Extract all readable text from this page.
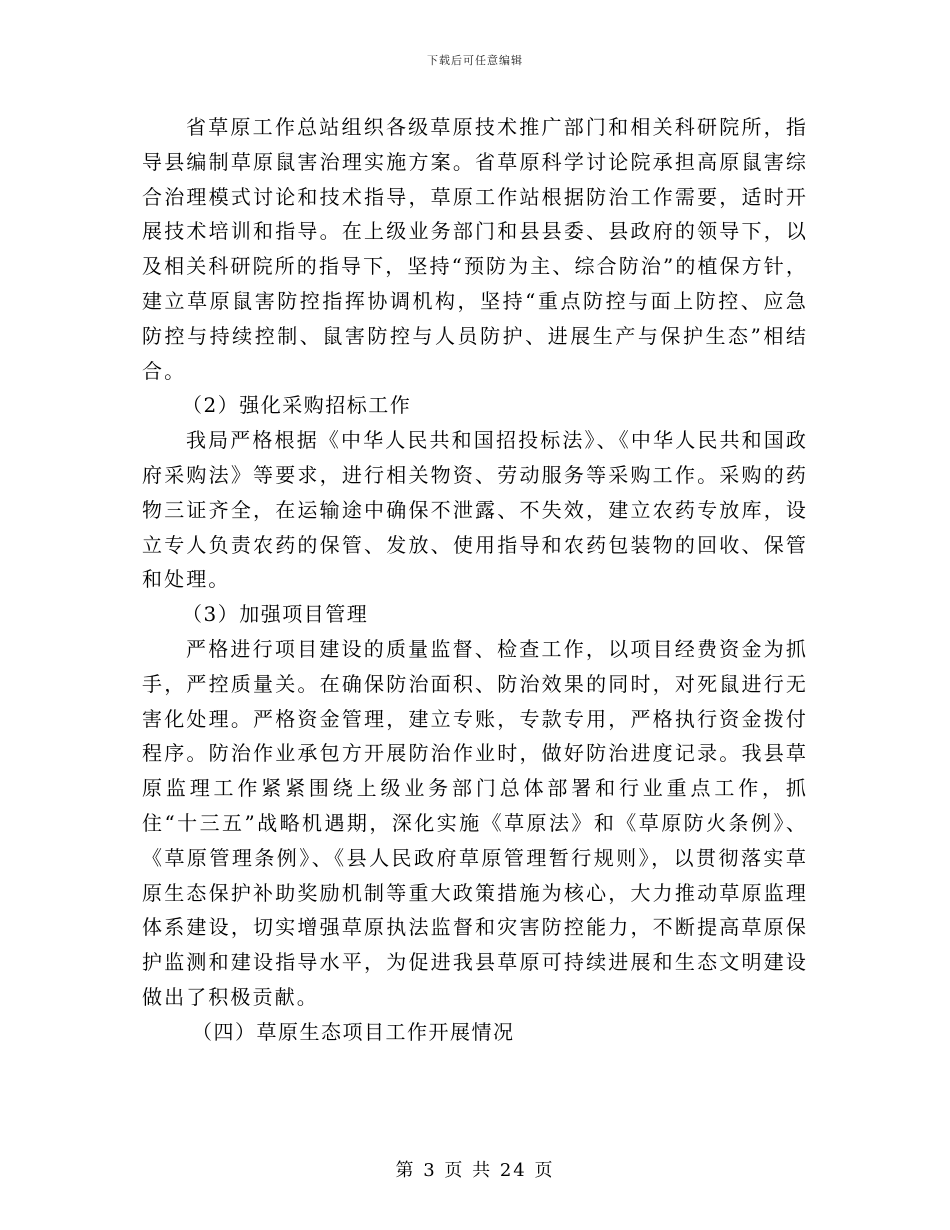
下载后可任意编辑

省草原工作总站组织各级草原技术推广部门和相关科研院所，指导县编制草原鼠害治理实施方案。省草原科学讨论院承担高原鼠害综合治理模式讨论和技术指导，草原工作站根据防治工作需要，适时开展技术培训和指导。在上级业务部门和县县委、县政府的领导下，以及相关科研院所的指导下，坚持“预防为主、综合防治”的植保方针，建立草原鼠害防控指挥协调机构，坚持“重点防控与面上防控、应急防控与持续控制、鼠害防控与人员防护、进展生产与保护生态”相结合。

（2）强化采购招标工作

我局严格根据《中华人民共和国招投标法》、《中华人民共和国政府采购法》等要求，进行相关物资、劳动服务等采购工作。采购的药物三证齐全，在运输途中确保不泄露、不失效，建立农药专放库，设立专人负责农药的保管、发放、使用指导和农药包装物的回收、保管和处理。

（3）加强项目管理

严格进行项目建设的质量监督、检查工作，以项目经费资金为抓手，严控质量关。在确保防治面积、防治效果的同时，对死鼠进行无害化处理。严格资金管理，建立专账，专款专用，严格执行资金拨付程序。防治作业承包方开展防治作业时，做好防治进度记录。我县草原监理工作紧紧围绕上级业务部门总体部署和行业重点工作，抓住“十三五”战略机遇期，深化实施《草原法》和《草原防火条例》、《草原管理条例》、《县人民政府草原管理暂行规则》，以贯彻落实草原生态保护补助奖励机制等重大政策措施为核心，大力推动草原监理体系建设，切实增强草原执法监督和灾害防控能力，不断提高草原保护监测和建设指导水平，为促进我县草原可持续进展和生态文明建设做出了积极贡献。

（四）草原生态项目工作开展情况

第 3 页 共 24 页
